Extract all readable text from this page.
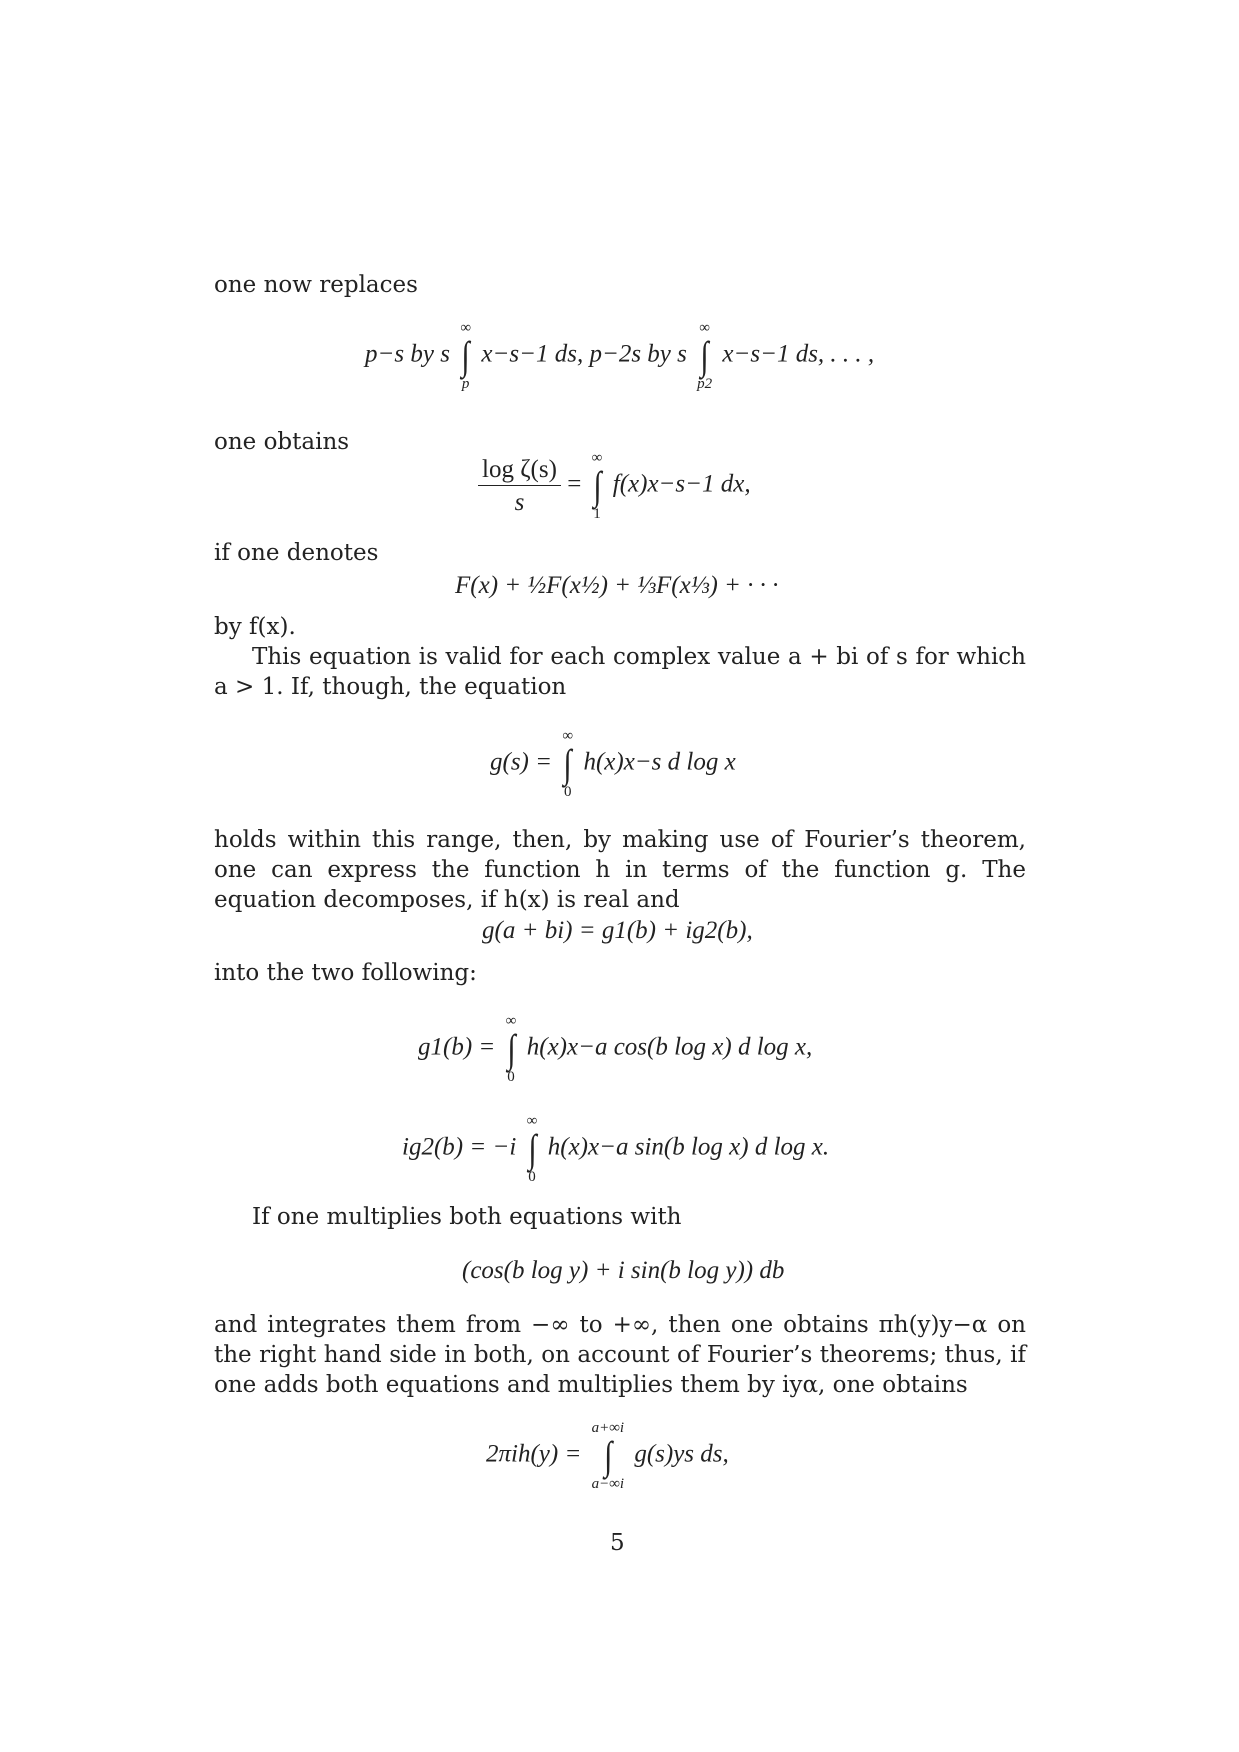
one now replaces
p−s by s
∞
∫
p
x−s−1 ds, p−2s by s
∞
∫
p2
x−s−1 ds, . . . ,
one obtains
$\frac{\text{log ζ(s)}}{s}$ =
∞
∫
1
f(x)x−s−1 dx,
if one denotes
F(x) + ½F(x½) + ⅓F(x⅓) + · · ·
by f(x).
This equation is valid for each complex value a + bi of s for which a > 1. If, though, the equation
g(s) =
∞
∫
0
h(x)x−s d log x
holds within this range, then, by making use of Fourier’s theorem, one can express the function h in terms of the function g. The equation decomposes, if h(x) is real and
g(a + bi) = g1(b) + ig2(b),
into the two following:
g1(b) =
∞
∫
0
h(x)x−a cos(b log x) d log x,
ig2(b) = −i
∞
∫
0
h(x)x−a sin(b log x) d log x.
If one multiplies both equations with
(cos(b log y) + i sin(b log y)) db
and integrates them from −∞ to +∞, then one obtains πh(y)y−α on the right hand side in both, on account of Fourier’s theorems; thus, if one adds both equations and multiplies them by iyα, one obtains
2πih(y) =
a+∞i
∫
a−∞i
g(s)ys ds,
5
